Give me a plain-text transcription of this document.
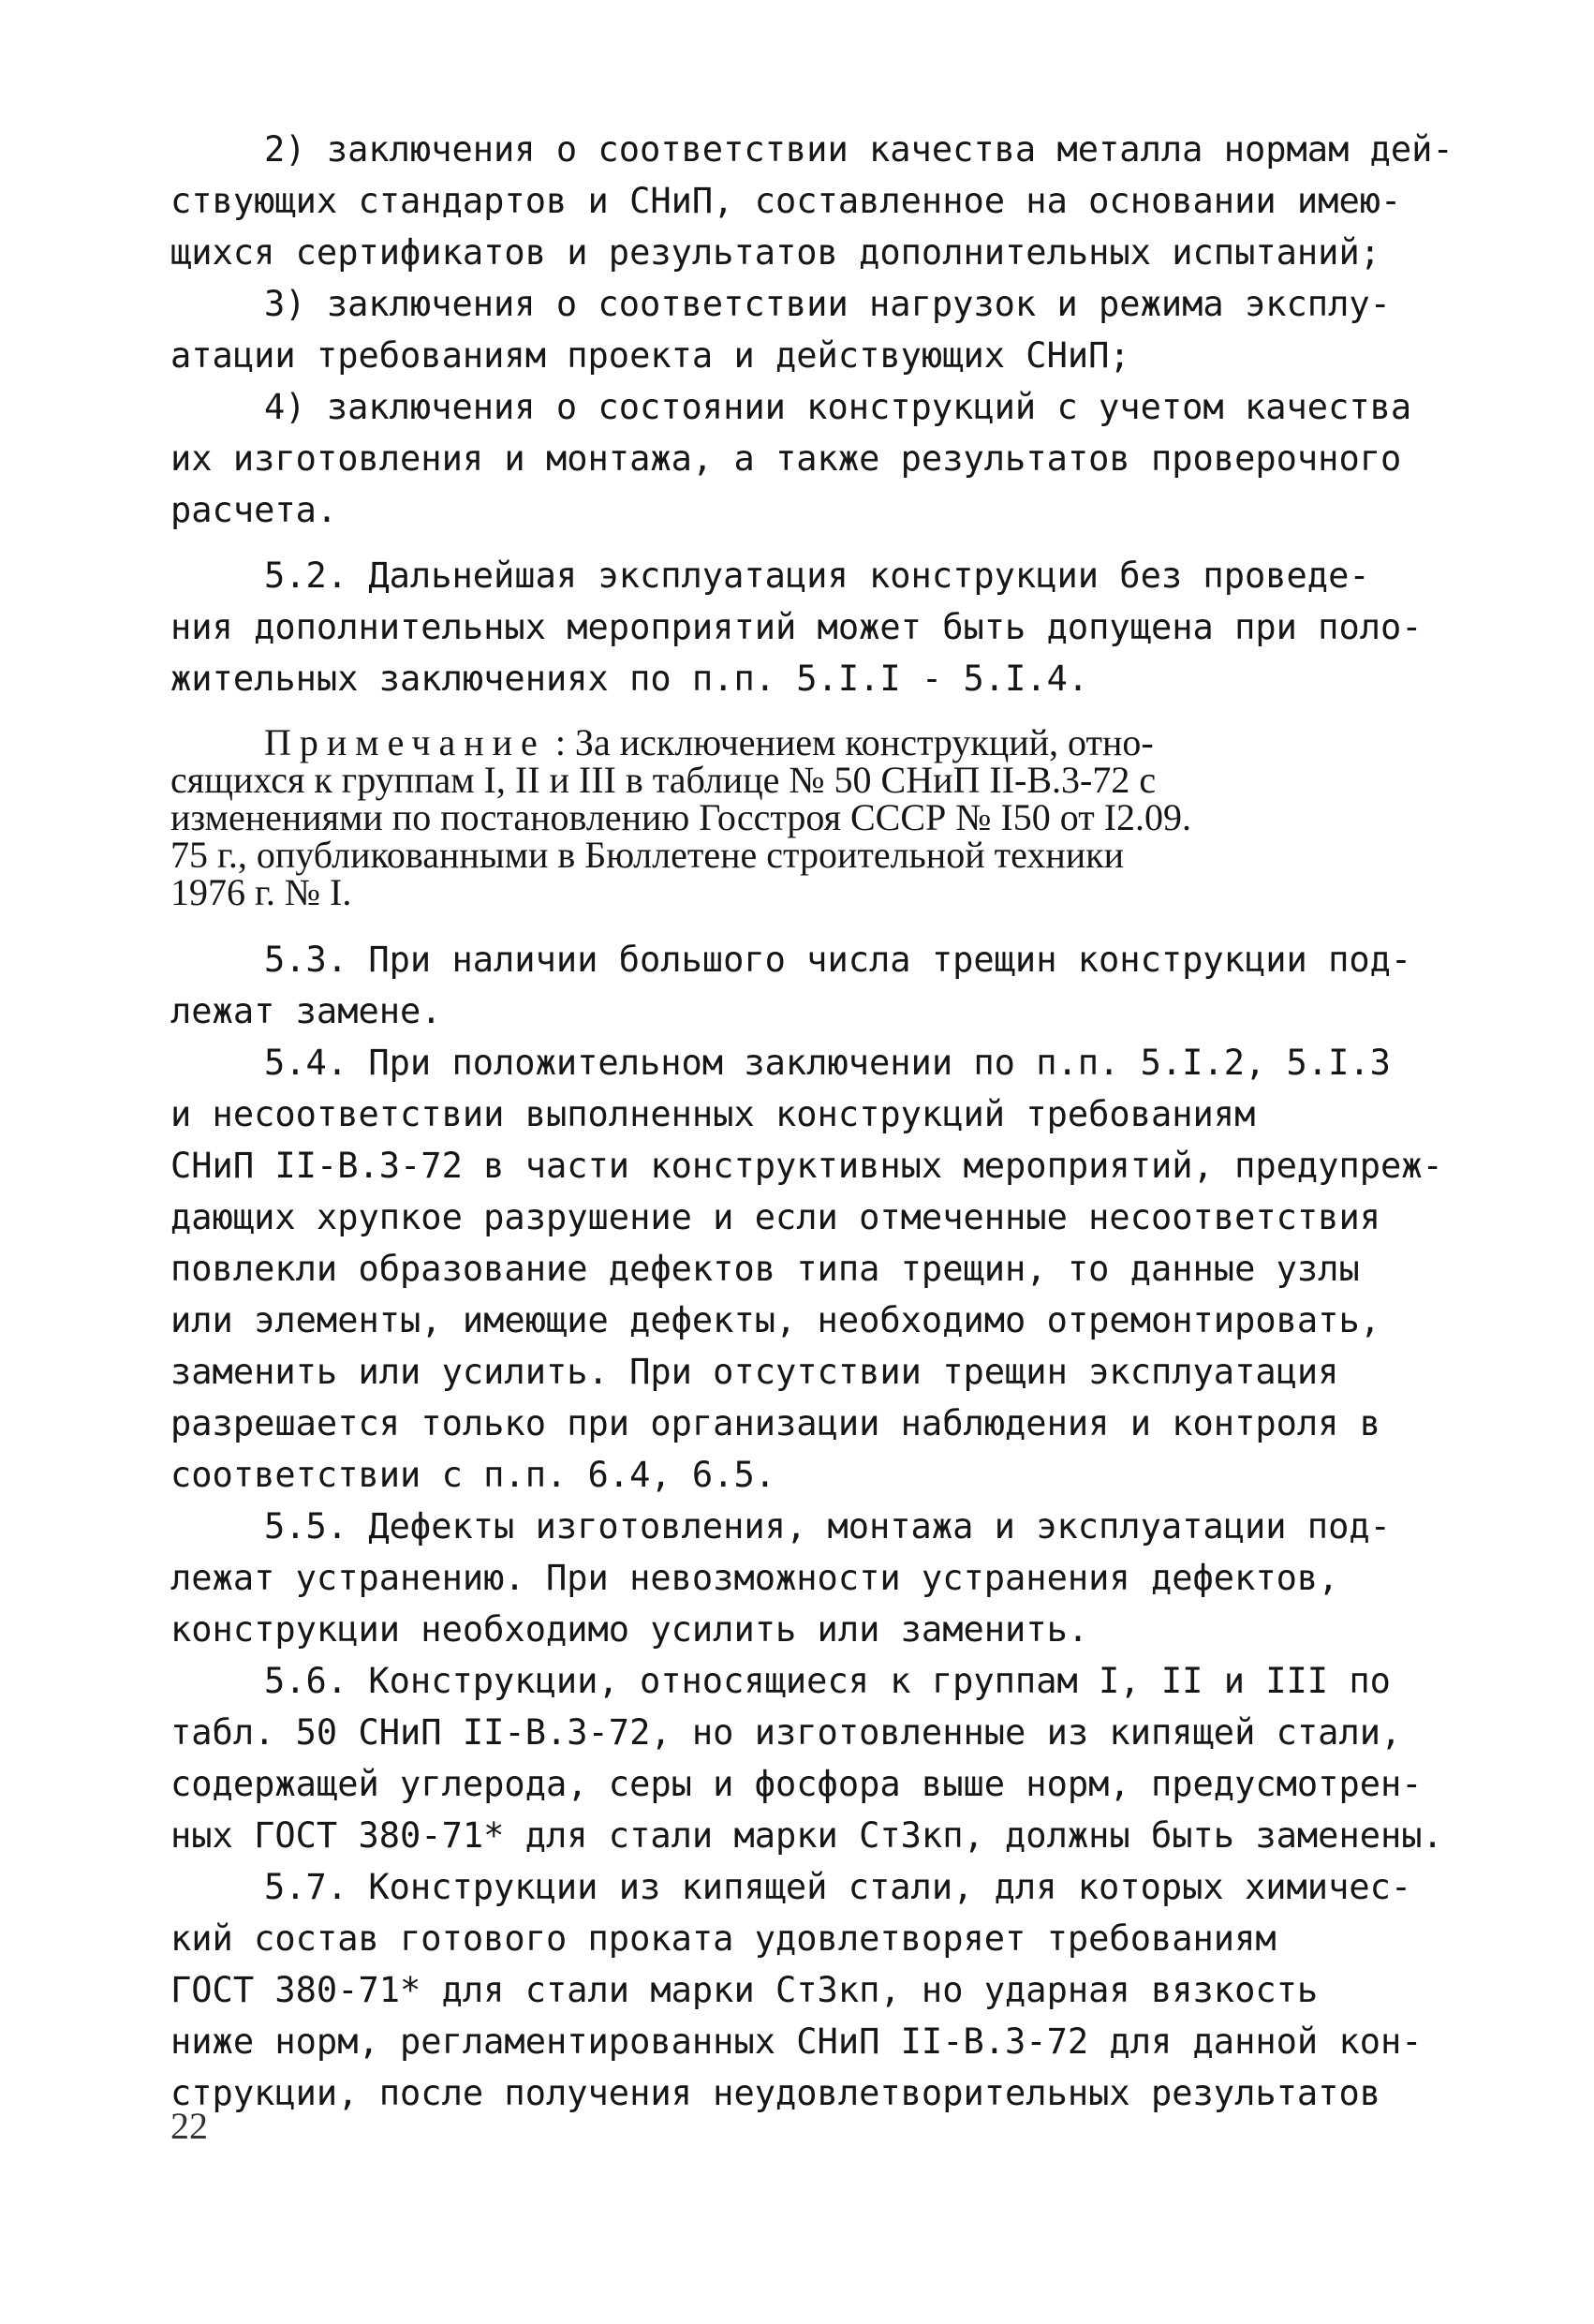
2) заключения о соответствии качества металла нормам дей-

ствующих стандартов и СНиП, составленное на основании имею-

щихся сертификатов и результатов дополнительных испытаний;

3) заключения о соответствии нагрузок и режима эксплу-

атации требованиям проекта и действующих СНиП;

4) заключения о состоянии конструкций с учетом качества

их изготовления и монтажа, а также результатов проверочного

расчета.

5.2. Дальнейшая эксплуатация конструкции без проведе-

ния дополнительных мероприятий может быть допущена при поло-

жительных заключениях по п.п. 5.I.I - 5.I.4.

Примечание : За исключением конструкций, отно-

сящихся к группам I, II и III в таблице № 50 СНиП II-В.3-72 с

изменениями по постановлению Госстроя СССР № I50 от I2.09.

75 г., опубликованными в Бюллетене строительной техники

1976 г. № I.

5.3. При наличии большого числа трещин конструкции под-

лежат замене.

5.4. При положительном заключении по п.п. 5.I.2, 5.I.3

и несоответствии выполненных конструкций требованиям

СНиП II-В.3-72 в части конструктивных мероприятий, предупреж-

дающих хрупкое разрушение и если отмеченные несоответствия

повлекли образование дефектов типа трещин, то данные узлы

или элементы, имеющие дефекты, необходимо отремонтировать,

заменить или усилить. При отсутствии трещин эксплуатация

разрешается только при организации наблюдения и контроля в

соответствии с п.п. 6.4, 6.5.

5.5. Дефекты изготовления, монтажа и эксплуатации под-

лежат устранению. При невозможности устранения дефектов,

конструкции необходимо усилить или заменить.

5.6. Конструкции, относящиеся к группам I, II и III по

табл. 50 СНиП II-В.3-72, но изготовленные из кипящей стали,

содержащей углерода, серы и фосфора выше норм, предусмотрен-

ных ГОСТ 380-71* для стали марки Ст3кп, должны быть заменены.

5.7. Конструкции из кипящей стали, для которых химичес-

кий состав готового проката удовлетворяет требованиям

ГОСТ 380-71* для стали марки Ст3кп, но ударная вязкость

ниже норм, регламентированных СНиП II-В.3-72 для данной кон-

струкции, после получения неудовлетворительных результатов

22
